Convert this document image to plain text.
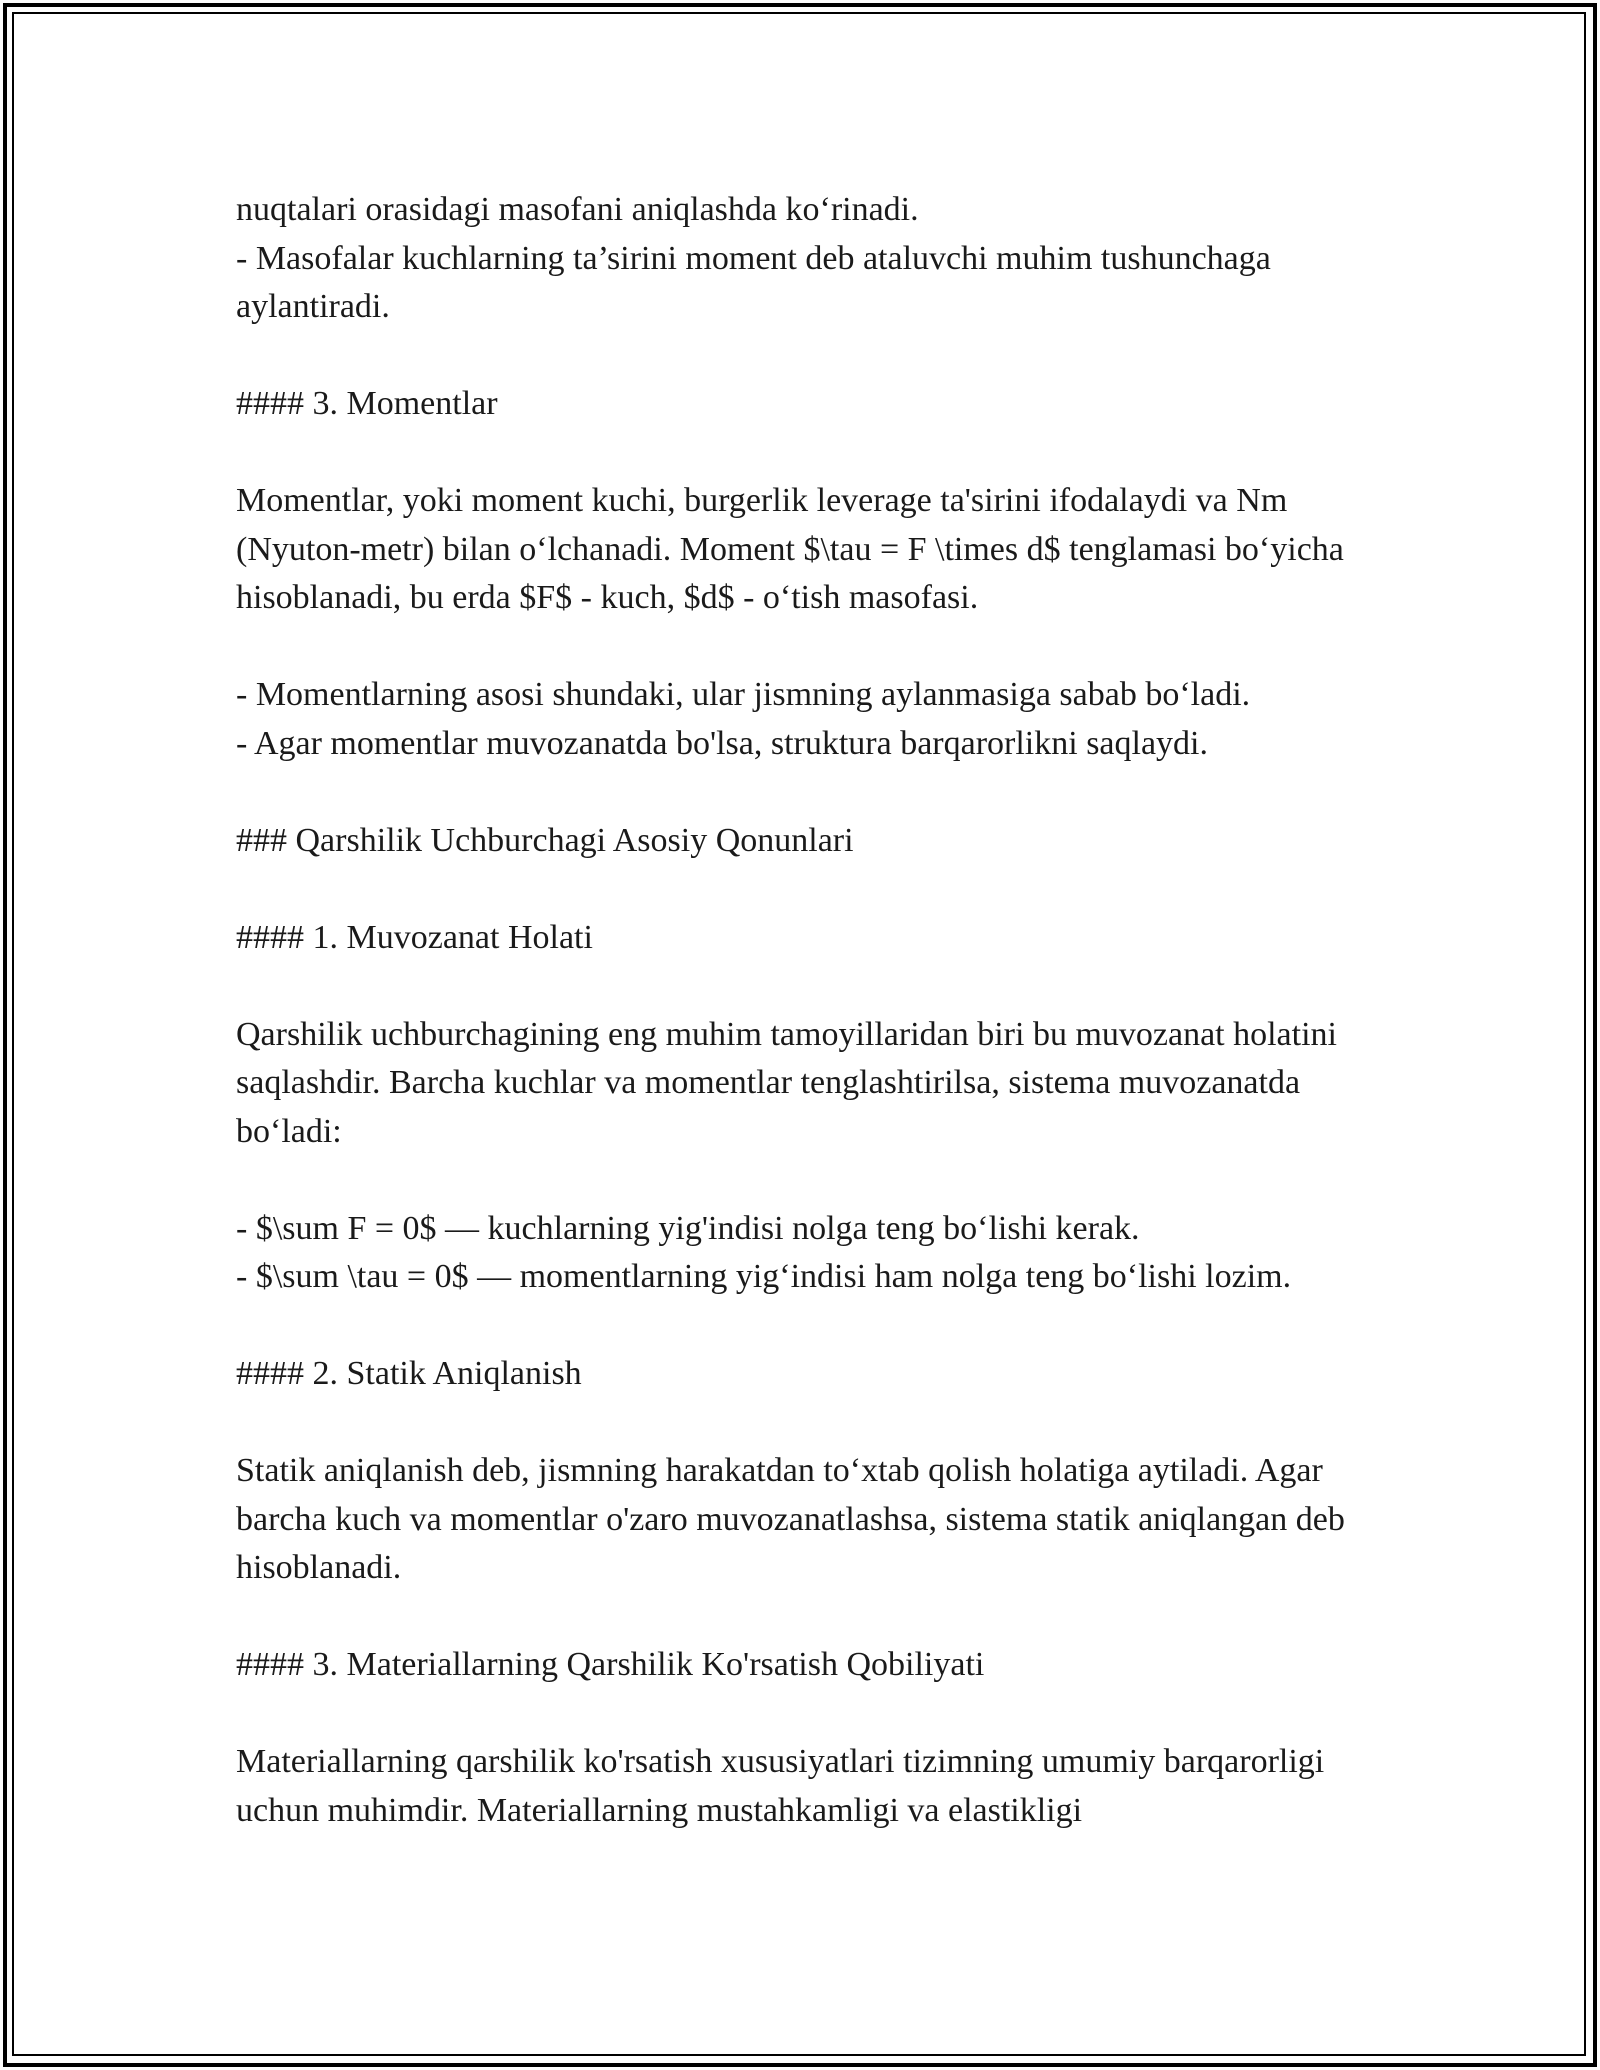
nuqtalari orasidagi masofani aniqlashda ko‘rinadi.

- Masofalar kuchlarning ta’sirini moment deb ataluvchi muhim tushunchaga aylantiradi.

#### 3. Momentlar

Momentlar, yoki moment kuchi, burgerlik leverage ta'sirini ifodalaydi va Nm (Nyuton-metr) bilan o‘lchanadi. Moment $\tau = F \times d$ tenglamasi bo‘yicha hisoblanadi, bu erda $F$ - kuch, $d$ - o‘tish masofasi.

- Momentlarning asosi shundaki, ular jismning aylanmasiga sabab bo‘ladi.

- Agar momentlar muvozanatda bo'lsa, struktura barqarorlikni saqlaydi.

### Qarshilik Uchburchagi Asosiy Qonunlari

#### 1. Muvozanat Holati

Qarshilik uchburchagining eng muhim tamoyillaridan biri bu muvozanat holatini saqlashdir. Barcha kuchlar va momentlar tenglashtirilsa, sistema muvozanatda bo‘ladi:

- $\sum F = 0$ — kuchlarning yig'indisi nolga teng bo‘lishi kerak.

- $\sum \tau = 0$ — momentlarning yig‘indisi ham nolga teng bo‘lishi lozim.

#### 2. Statik Aniqlanish

Statik aniqlanish deb, jismning harakatdan to‘xtab qolish holatiga aytiladi. Agar barcha kuch va momentlar o'zaro muvozanatlashsa, sistema statik aniqlangan deb hisoblanadi.

#### 3. Materiallarning Qarshilik Ko'rsatish Qobiliyati

Materiallarning qarshilik ko'rsatish xususiyatlari tizimning umumiy barqarorligi uchun muhimdir. Materiallarning mustahkamligi va elastikligi
